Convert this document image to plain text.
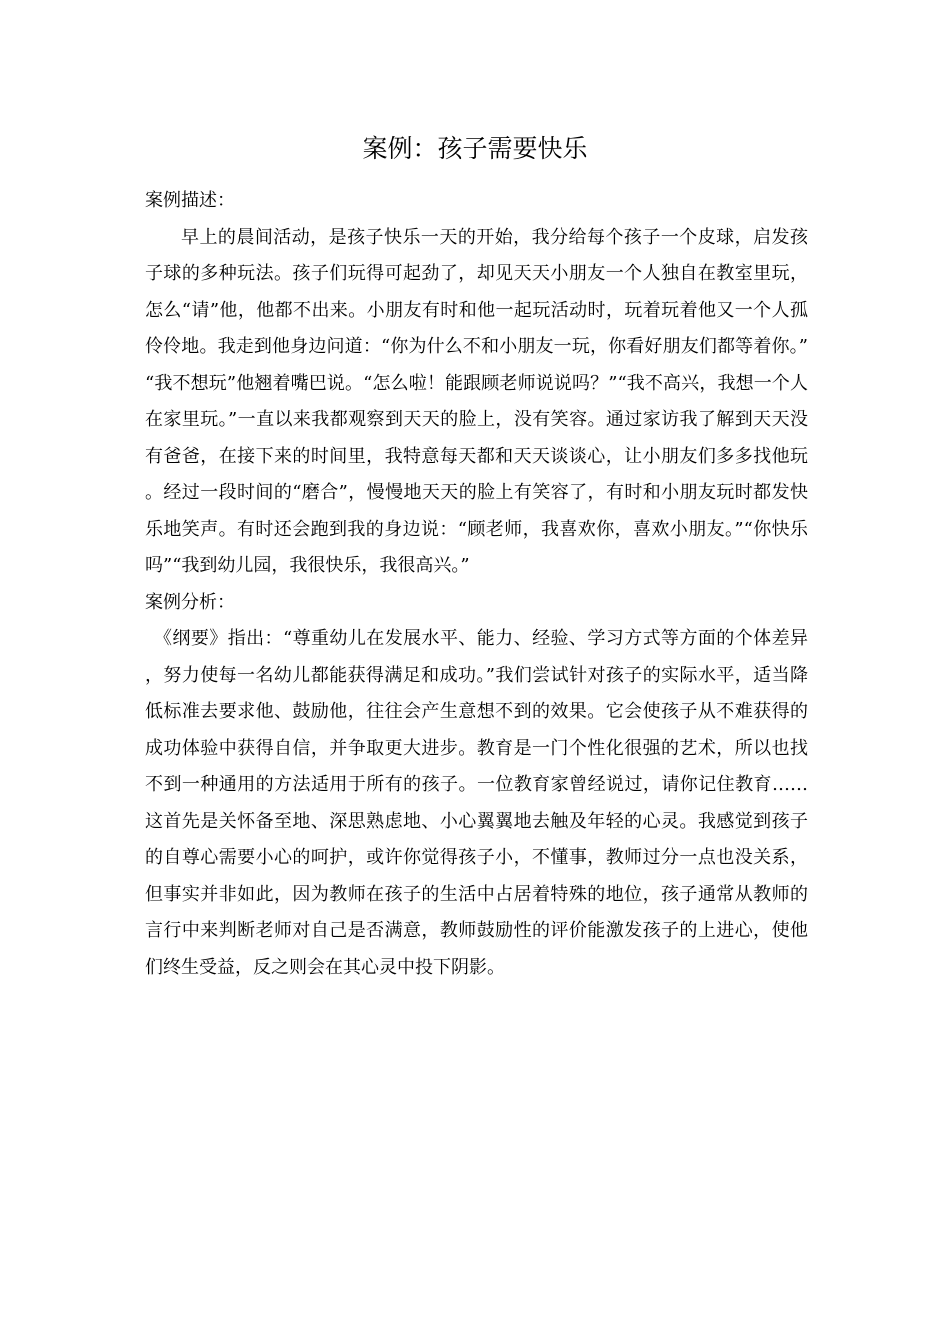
案例：孩子需要快乐

案例描述：

早上的晨间活动，是孩子快乐一天的开始，我分给每个孩子一个皮球，启发孩子球的多种玩法。孩子们玩得可起劲了，却见天天小朋友一个人独自在教室里玩，怎么“请”他，他都不出来。小朋友有时和他一起玩活动时，玩着玩着他又一个人孤伶伶地。我走到他身边问道：“你为什么不和小朋友一玩，你看好朋友们都等着你。”“我不想玩”他翘着嘴巴说。“怎么啦！能跟顾老师说说吗？”“我不高兴，我想一个人在家里玩。”一直以来我都观察到天天的脸上，没有笑容。通过家访我了解到天天没有爸爸，在接下来的时间里，我特意每天都和天天谈谈心，让小朋友们多多找他玩。经过一段时间的“磨合”，慢慢地天天的脸上有笑容了，有时和小朋友玩时都发快乐地笑声。有时还会跑到我的身边说：“顾老师，我喜欢你，喜欢小朋友。”“你快乐吗”“我到幼儿园，我很快乐，我很高兴。”

案例分析：

《纲要》指出：“尊重幼儿在发展水平、能力、经验、学习方式等方面的个体差异，努力使每一名幼儿都能获得满足和成功。”我们尝试针对孩子的实际水平，适当降低标准去要求他、鼓励他，往往会产生意想不到的效果。它会使孩子从不难获得的成功体验中获得自信，并争取更大进步。教育是一门个性化很强的艺术，所以也找不到一种通用的方法适用于所有的孩子。一位教育家曾经说过，请你记住教育……这首先是关怀备至地、深思熟虑地、小心翼翼地去触及年轻的心灵。我感觉到孩子的自尊心需要小心的呵护，或许你觉得孩子小，不懂事，教师过分一点也没关系，但事实并非如此，因为教师在孩子的生活中占居着特殊的地位，孩子通常从教师的言行中来判断老师对自己是否满意，教师鼓励性的评价能激发孩子的上进心，使他们终生受益，反之则会在其心灵中投下阴影。
